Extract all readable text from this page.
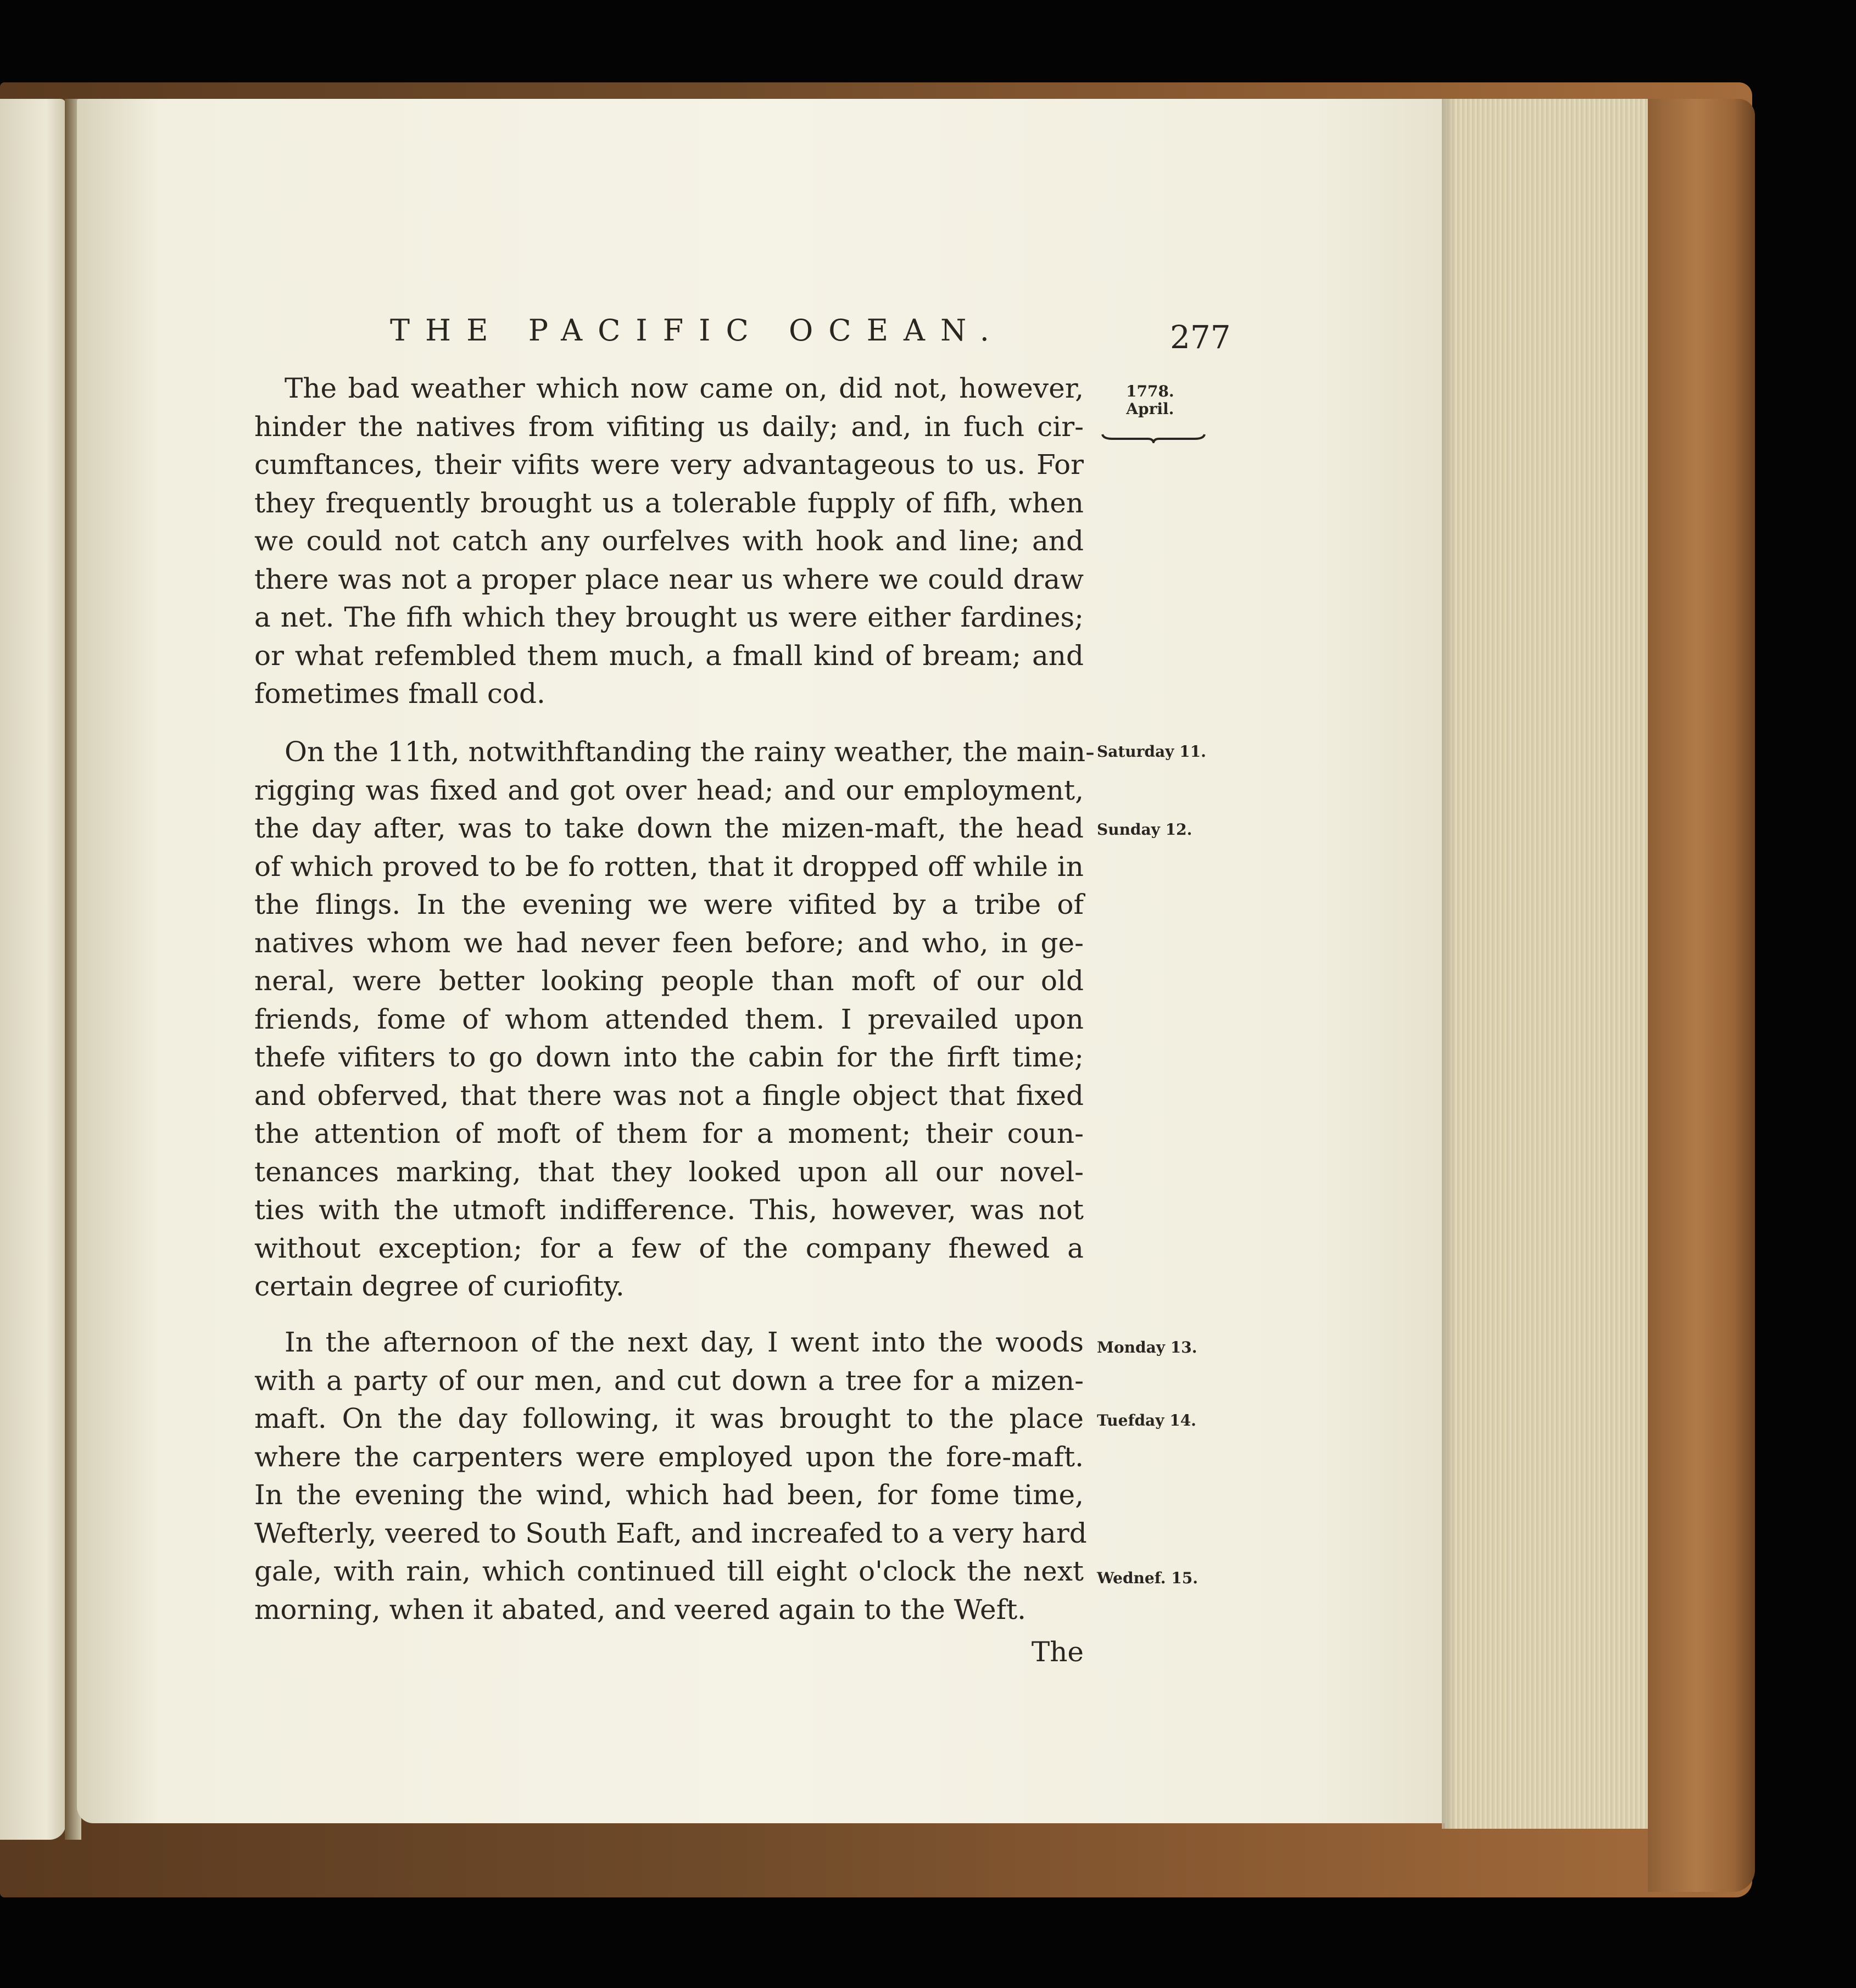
THE PACIFIC OCEAN.	277
The bad weather which now came on, did not, however,
hinder the natives from vifiting us daily; and, in fuch cir-
cumftances, their vifits were very advantageous to us. For
they frequently brought us a tolerable fupply of fifh, when
we could not catch any ourfelves with hook and line; and
there was not a proper place near us where we could draw
a net. The fifh which they brought us were either fardines;
or what refembled them much, a fmall kind of bream; and
fometimes fmall cod.
On the 11th, notwithftanding the rainy weather, the main-
rigging was fixed and got over head; and our employment,
the day after, was to take down the mizen-maft, the head
of which proved to be fo rotten, that it dropped off while in
the flings. In the evening we were vifited by a tribe of
natives whom we had never feen before; and who, in ge-
neral, were better looking people than moft of our old
friends, fome of whom attended them. I prevailed upon
thefe vifiters to go down into the cabin for the firft time;
and obferved, that there was not a fingle object that fixed
the attention of moft of them for a moment; their coun-
tenances marking, that they looked upon all our novel-
ties with the utmoft indifference. This, however, was not
without exception; for a few of the company fhewed a
certain degree of curiofity.
In the afternoon of the next day, I went into the woods
with a party of our men, and cut down a tree for a mizen-
maft. On the day following, it was brought to the place
where the carpenters were employed upon the fore-maft.
In the evening the wind, which had been, for fome time,
Wefterly, veered to South Eaft, and increafed to a very hard
gale, with rain, which continued till eight o'clock the next
morning, when it abated, and veered again to the Weft.
The
1778.
April.
Saturday 11.
Sunday 12.
Monday 13.
Tuefday 14.
Wednef. 15.
